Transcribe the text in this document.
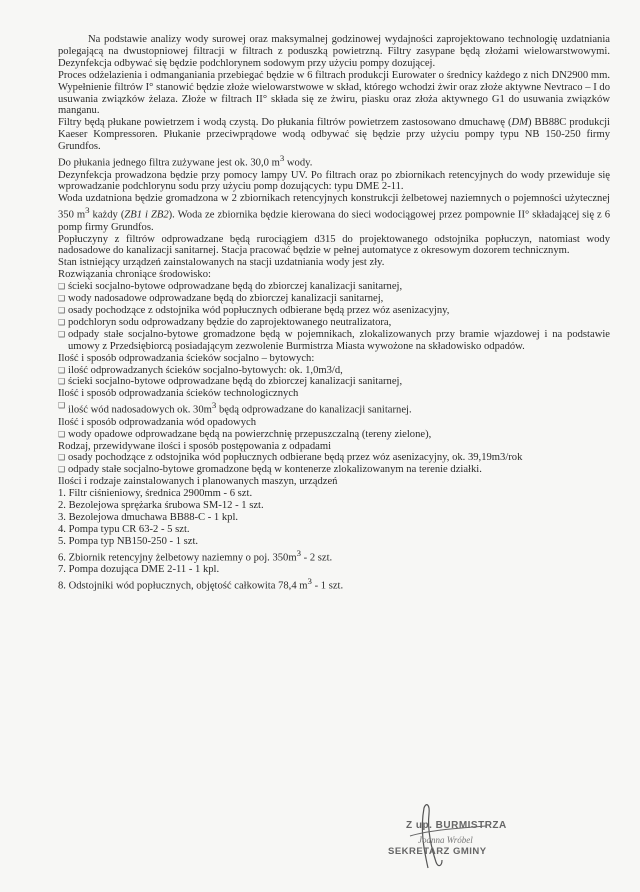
Na podstawie analizy wody surowej oraz maksymalnej godzinowej wydajności zaprojektowano technologię uzdatniania polegającą na dwustopniowej filtracji w filtrach z poduszką powietrzną. Filtry zasypane będą złożami wielowarstwowymi. Dezynfekcja odbywać się będzie podchlorynem sodowym przy użyciu pompy dozującej.

Proces odżelazienia i odmanganiania przebiegać będzie w 6 filtrach produkcji Eurowater o średnicy każdego z nich DN2900 mm. Wypełnienie filtrów I° stanowić będzie złoże wielowarstwowe w skład, którego wchodzi żwir oraz złoże aktywne Nevtraco – I do usuwania związków żelaza. Złoże w filtrach II° składa się ze żwiru, piasku oraz złoża aktywnego G1 do usuwania związków manganu.

Filtry będą płukane powietrzem i wodą czystą. Do płukania filtrów powietrzem zastosowano dmuchawę (DM) BB88C produkcji Kaeser Kompressoren. Płukanie przeciwprądowe wodą odbywać się będzie przy użyciu pompy typu NB 150-250 firmy Grundfos.

Do płukania jednego filtra zużywane jest ok. 30,0 $m^3$ wody.

Dezynfekcja prowadzona będzie przy pomocy lampy UV. Po filtrach oraz po zbiornikach retencyjnych do wody przewiduje się wprowadzanie podchlorynu sodu przy użyciu pomp dozujących: typu DME 2-11.

Woda uzdatniona będzie gromadzona w 2 zbiornikach retencyjnych konstrukcji żelbetowej naziemnych o pojemności użytecznej 350 $m^3$ każdy (ZB1 i ZB2). Woda ze zbiornika będzie kierowana do sieci wodociągowej przez pompownie II° składającej się z 6 pomp firmy Grundfos.

Popłuczyny z filtrów odprowadzane będą rurociągiem d315 do projektowanego odstojnika popłuczyn, natomiast wody nadosadowe do kanalizacji sanitarnej. Stacja pracować będzie w pełnej automatyce z okresowym dozorem technicznym.

Stan istniejący urządzeń zainstalowanych na stacji uzdatniania wody jest zły.

Rozwiązania chroniące środowisko:

❑ ścieki socjalno-bytowe odprowadzane będą do zbiorczej kanalizacji sanitarnej,
❑ wody nadosadowe odprowadzane będą do zbiorczej kanalizacji sanitarnej,
❑ osady pochodzące z odstojnika wód popłucznych odbierane będą przez wóz asenizacyjny,
❑ podchloryn sodu odprowadzany będzie do zaprojektowanego neutralizatora,
❑ odpady stałe socjalno-bytowe gromadzone będą w pojemnikach, zlokalizowanych przy bramie wjazdowej i na podstawie umowy z Przedsiębiorcą posiadającym zezwolenie Burmistrza Miasta wywożone na składowisko odpadów.

Ilość i sposób odprowadzania ścieków socjalno – bytowych:

❑ ilość odprowadzanych ścieków socjalno-bytowych: ok. 1,0m3/d,
❑ ścieki socjalno-bytowe odprowadzane będą do zbiorczej kanalizacji sanitarnej,

Ilość i sposób odprowadzania ścieków technologicznych

❑ ilość wód nadosadowych ok. $30m^3$ będą odprowadzane do kanalizacji sanitarnej.

Ilość i sposób odprowadzania wód opadowych

❑ wody opadowe odprowadzane będą na powierzchnię przepuszczalną (tereny zielone),

Rodzaj, przewidywane ilości i sposób postępowania z odpadami

❑ osady pochodzące z odstojnika wód popłucznych odbierane będą przez wóz asenizacyjny, ok. 39,19m3/rok
❑ odpady stałe socjalno-bytowe gromadzone będą w kontenerze zlokalizowanym na terenie działki.

Ilości i rodzaje zainstalowanych i planowanych maszyn, urządzeń

1. Filtr ciśnieniowy, średnica 2900mm - 6 szt.

2. Bezolejowa sprężarka śrubowa SM-12 - 1 szt.

3. Bezolejowa dmuchawa BB88-C - 1 kpl.

4. Pompa typu CR 63-2 - 5 szt.

5. Pompa typ NB150-250 - 1 szt.

6. Zbiornik retencyjny żelbetowy naziemny o poj. $350m^3 - 2$ szt.

7. Pompa dozująca DME 2-11 - 1 kpl.

8. Odstojniki wód popłucznych, objętość całkowita 78,4 $m^3 - 1$ szt.

Z up. BURMISTRZA
Joanna Wróbel
SEKRETARZ GMINY
